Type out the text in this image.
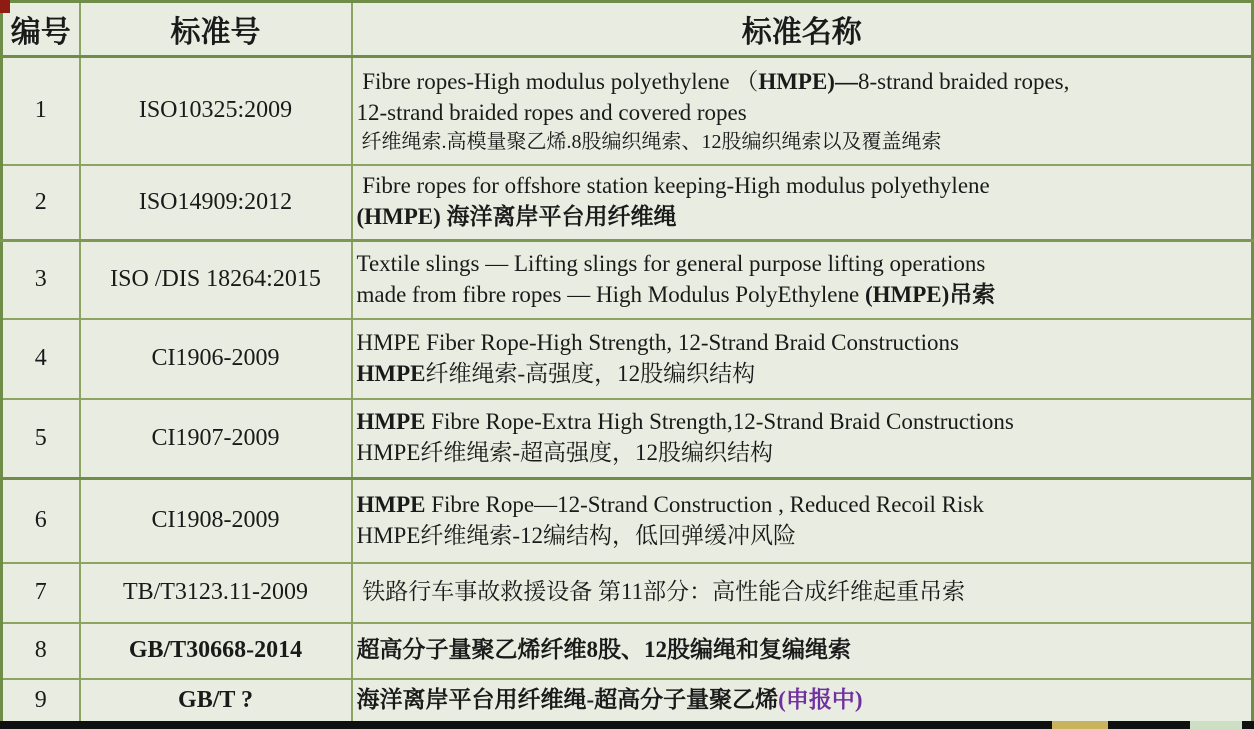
编号	标准号	标准名称
1	ISO10325:2009	Fibre ropes-High modulus polyethylene （HMPE)—8-strand braided ropes,
12-strand braided ropes and covered ropes
纤维绳索.高模量聚乙烯.8股编织绳索、12股编织绳索以及覆盖绳索

2	ISO14909:2012	Fibre ropes for offshore station keeping-High modulus polyethylene
(HMPE) 海洋离岸平台用纤维绳

3	ISO /DIS 18264:2015	Textile slings — Lifting slings for general purpose lifting operations
made from fibre ropes — High Modulus PolyEthylene (HMPE)吊索

4	CI1906-2009	HMPE Fiber Rope-High Strength, 12-Strand Braid Constructions
HMPE纤维绳索-高强度，12股编织结构

5	CI1907-2009	HMPE Fibre Rope-Extra High Strength,12-Strand Braid Constructions
HMPE纤维绳索-超高强度，12股编织结构

6	CI1908-2009	HMPE Fibre Rope—12-Strand Construction , Reduced Recoil Risk
HMPE纤维绳索-12编结构，低回弹缓冲风险

7	TB/T3123.11-2009	铁路行车事故救援设备 第11部分：高性能合成纤维起重吊索

8	GB/T30668-2014	超高分子量聚乙烯纤维8股、12股编绳和复编绳索

9	GB/T ?	海洋离岸平台用纤维绳-超高分子量聚乙烯(申报中)
